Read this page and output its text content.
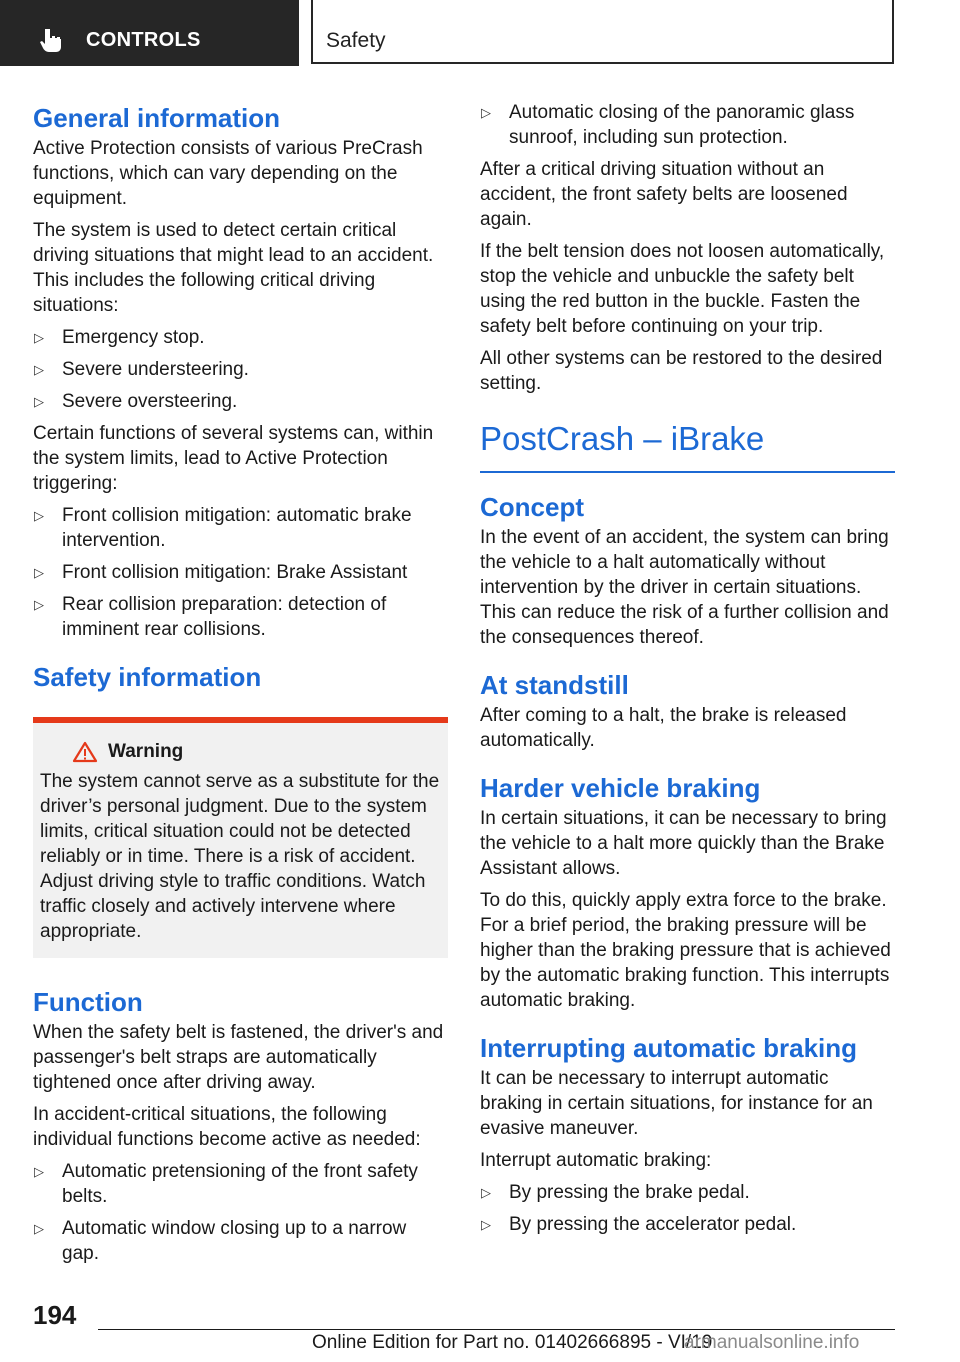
CONTROLS	Safety
General information

Active Protection consists of various PreCrash functions, which can vary depending on the equipment.

The system is used to detect certain critical driving situations that might lead to an accident. This includes the following critical driving situations:

▷ Emergency stop.
▷ Severe understeering.
▷ Severe oversteering.

Certain functions of several systems can, within the system limits, lead to Active Protection triggering:

▷ Front collision mitigation: automatic brake intervention.
▷ Front collision mitigation: Brake Assistant
▷ Rear collision preparation: detection of imminent rear collisions.
Safety information
Warning

The system cannot serve as a substitute for the driver’s personal judgment. Due to the system limits, critical situation could not be detected reliably or in time. There is a risk of accident. Adjust driving style to traffic conditions. Watch traffic closely and actively intervene where appropriate.

Function

When the safety belt is fastened, the driver's and passenger's belt straps are automatically tightened once after driving away.

In accident-critical situations, the following individual functions become active as needed:

▷ Automatic pretensioning of the front safety belts.
▷ Automatic window closing up to a narrow gap.
▷ Automatic closing of the panoramic glass sunroof, including sun protection.

After a critical driving situation without an accident, the front safety belts are loosened again.

If the belt tension does not loosen automatically, stop the vehicle and unbuckle the safety belt using the red button in the buckle. Fasten the safety belt before continuing on your trip.

All other systems can be restored to the desired setting.

PostCrash – iBrake
Concept

In the event of an accident, the system can bring the vehicle to a halt automatically without intervention by the driver in certain situations. This can reduce the risk of a further collision and the consequences thereof.

At standstill

After coming to a halt, the brake is released automatically.

Harder vehicle braking

In certain situations, it can be necessary to bring the vehicle to a halt more quickly than the Brake Assistant allows.

To do this, quickly apply extra force to the brake. For a brief period, the braking pressure will be higher than the braking pressure that is achieved by the automatic braking function. This interrupts automatic braking.

Interrupting automatic braking

It can be necessary to interrupt automatic braking in certain situations, for instance for an evasive maneuver.

Interrupt automatic braking:

▷ By pressing the brake pedal.
▷ By pressing the accelerator pedal.
194
Online Edition for Part no. 01402666895 - VI/19
armanualsonline.info
